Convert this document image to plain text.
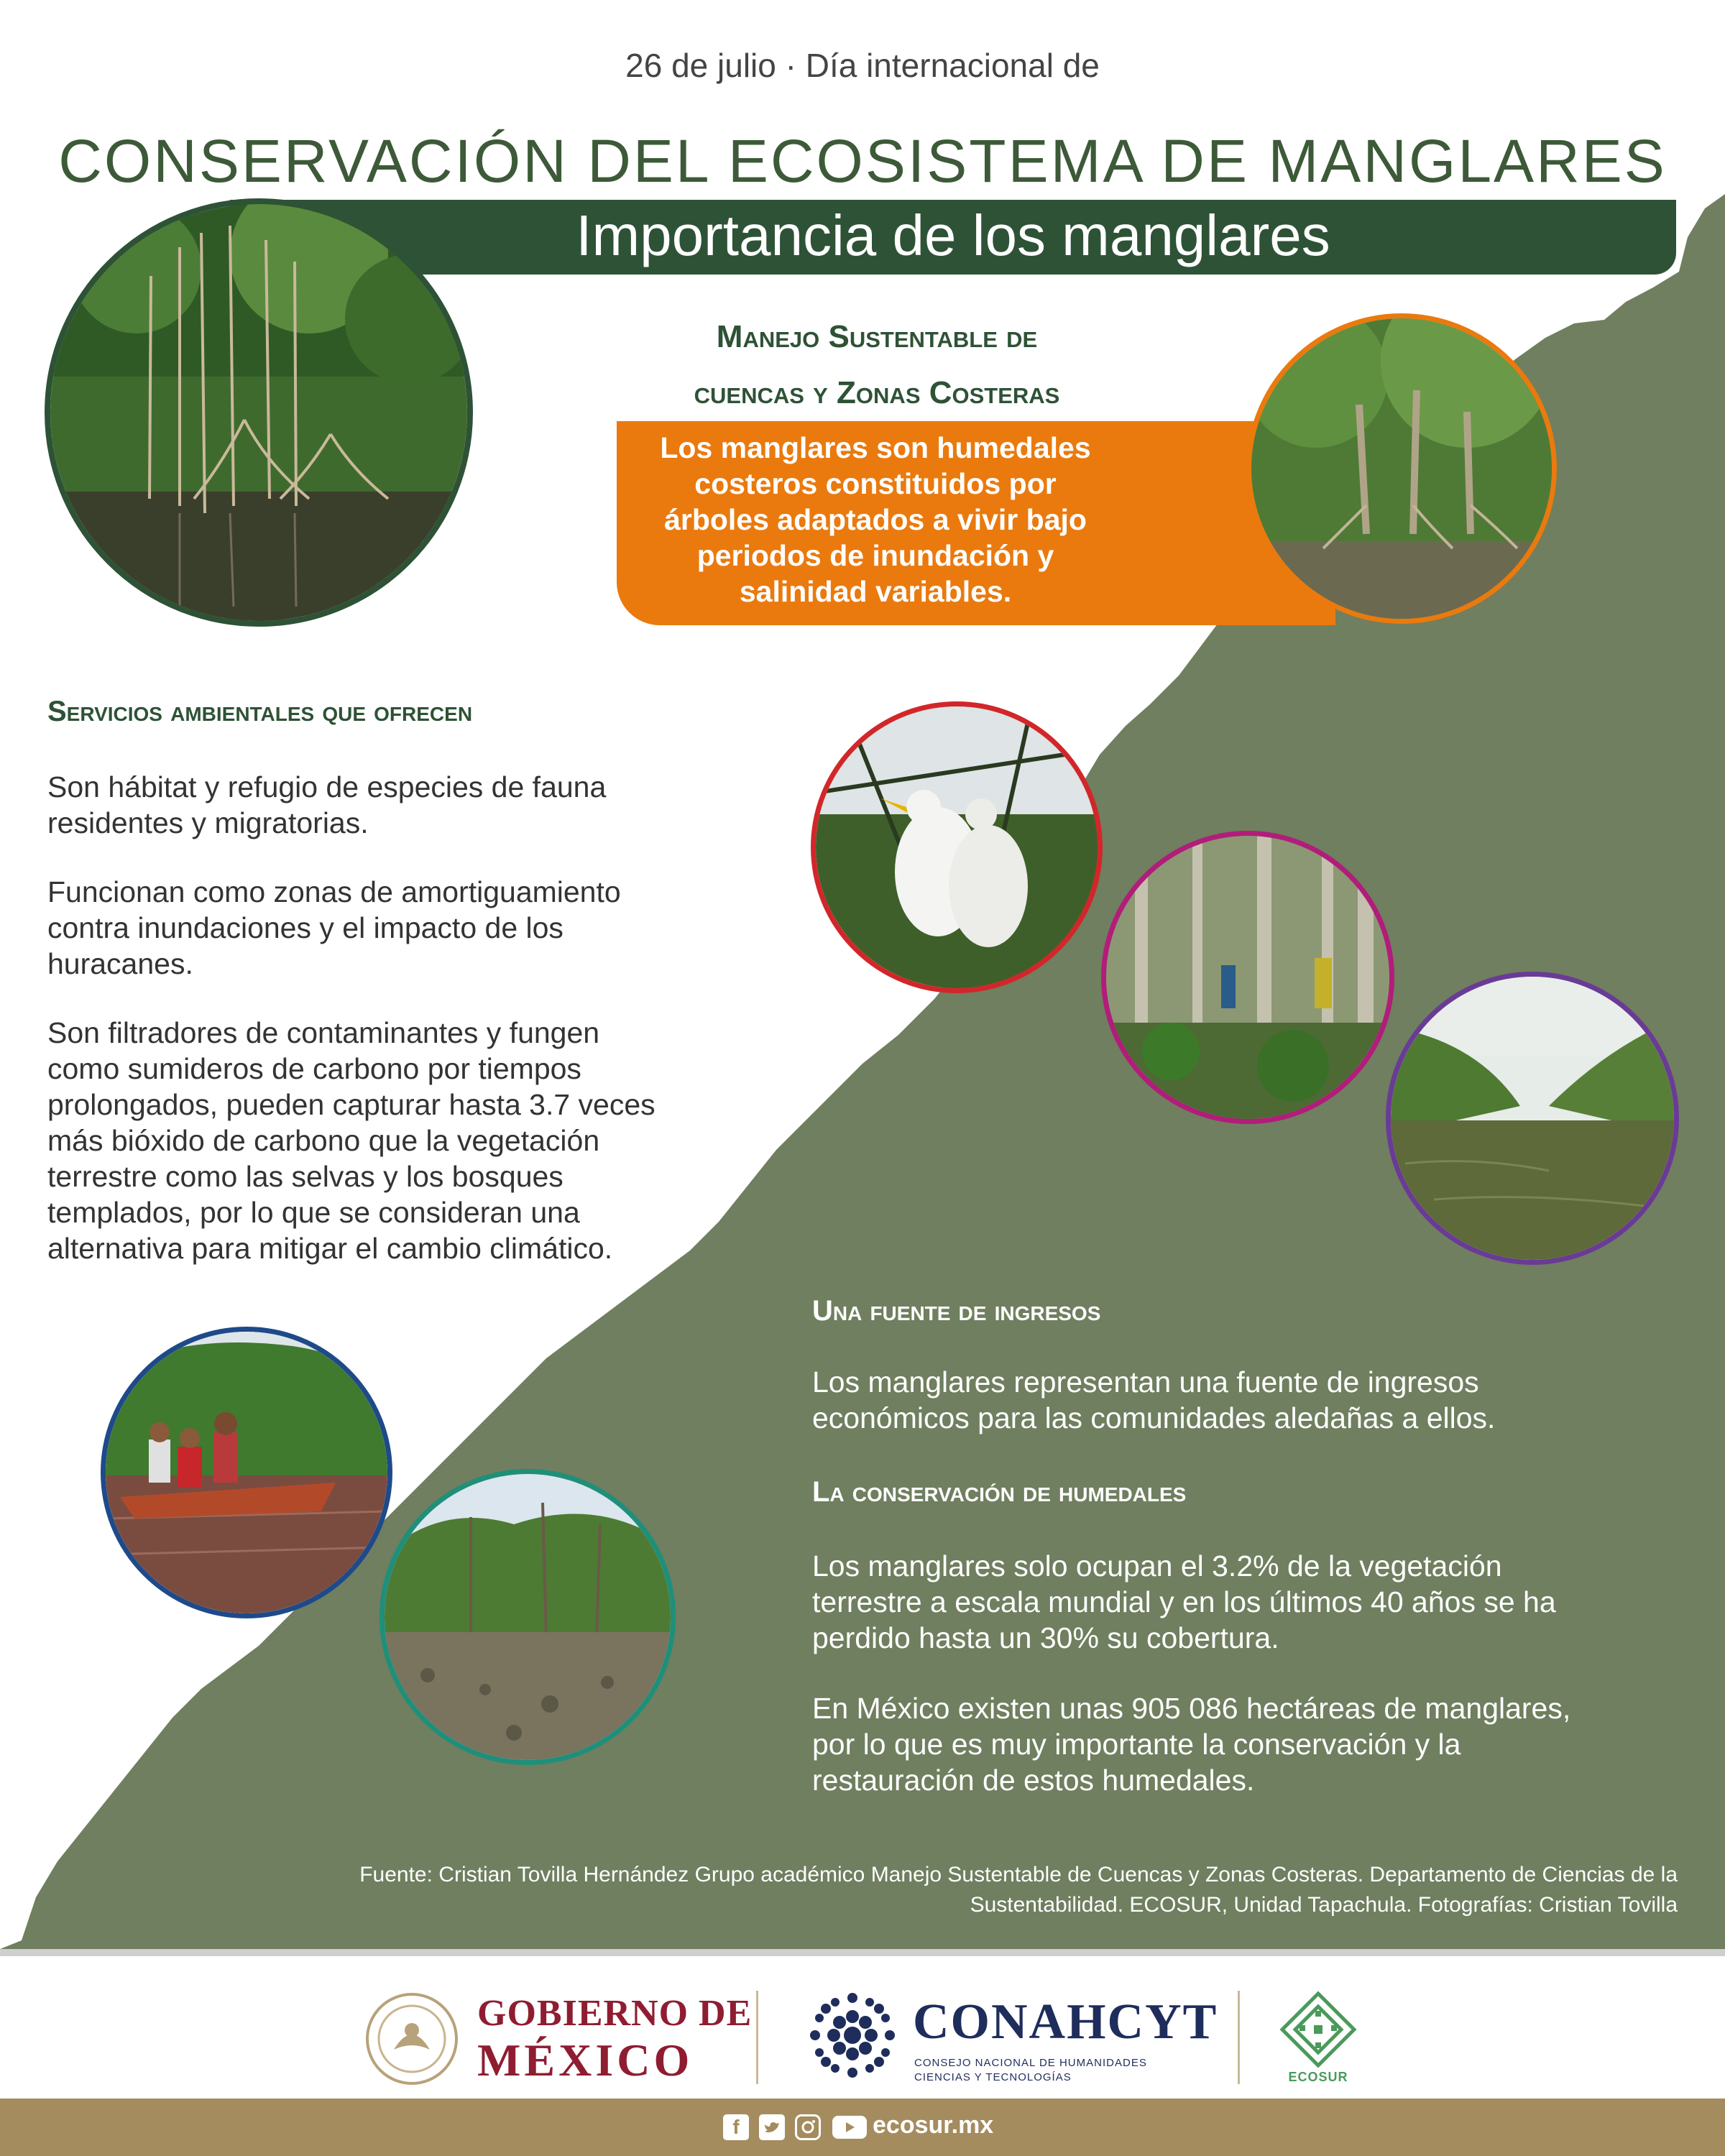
26 de julio · Día internacional de
CONSERVACIÓN DEL ECOSISTEMA DE MANGLARES
Importancia de los manglares
Manejo Sustentable de
cuencas y Zonas Costeras
Los manglares son humedales
costeros constituidos por
árboles adaptados a vivir bajo
periodos de inundación y
salinidad variables.
Servicios ambientales que ofrecen
Son hábitat y refugio de especies de fauna
residentes y migratorias.
Funcionan como zonas de amortiguamiento
contra inundaciones y el impacto de los
huracanes.
Son filtradores de contaminantes y fungen
como sumideros de carbono por tiempos
prolongados, pueden capturar hasta 3.7 veces
más bióxido de carbono que la vegetación
terrestre como las selvas y los bosques
templados, por lo que se consideran una
alternativa para mitigar el cambio climático.
Una fuente de ingresos
Los manglares representan una fuente de ingresos
económicos para las comunidades aledañas a ellos.
La conservación de humedales
Los manglares solo ocupan el 3.2% de la vegetación
terrestre a escala mundial y en los últimos 40 años se ha
perdido hasta un 30% su cobertura.
En México existen unas 905 086 hectáreas de manglares,
por lo que es muy importante la conservación y la
restauración de estos humedales.
Fuente: Cristian Tovilla Hernández Grupo académico Manejo Sustentable de Cuencas y Zonas Costeras. Departamento de Ciencias de la
Sustentabilidad. ECOSUR, Unidad Tapachula. Fotografías: Cristian Tovilla
GOBIERNO DE
MÉXICO
CONAHCYT
CONSEJO NACIONAL DE HUMANIDADES
CIENCIAS Y TECNOLOGÍAS	ECOSUR
f	ecosur.mx
